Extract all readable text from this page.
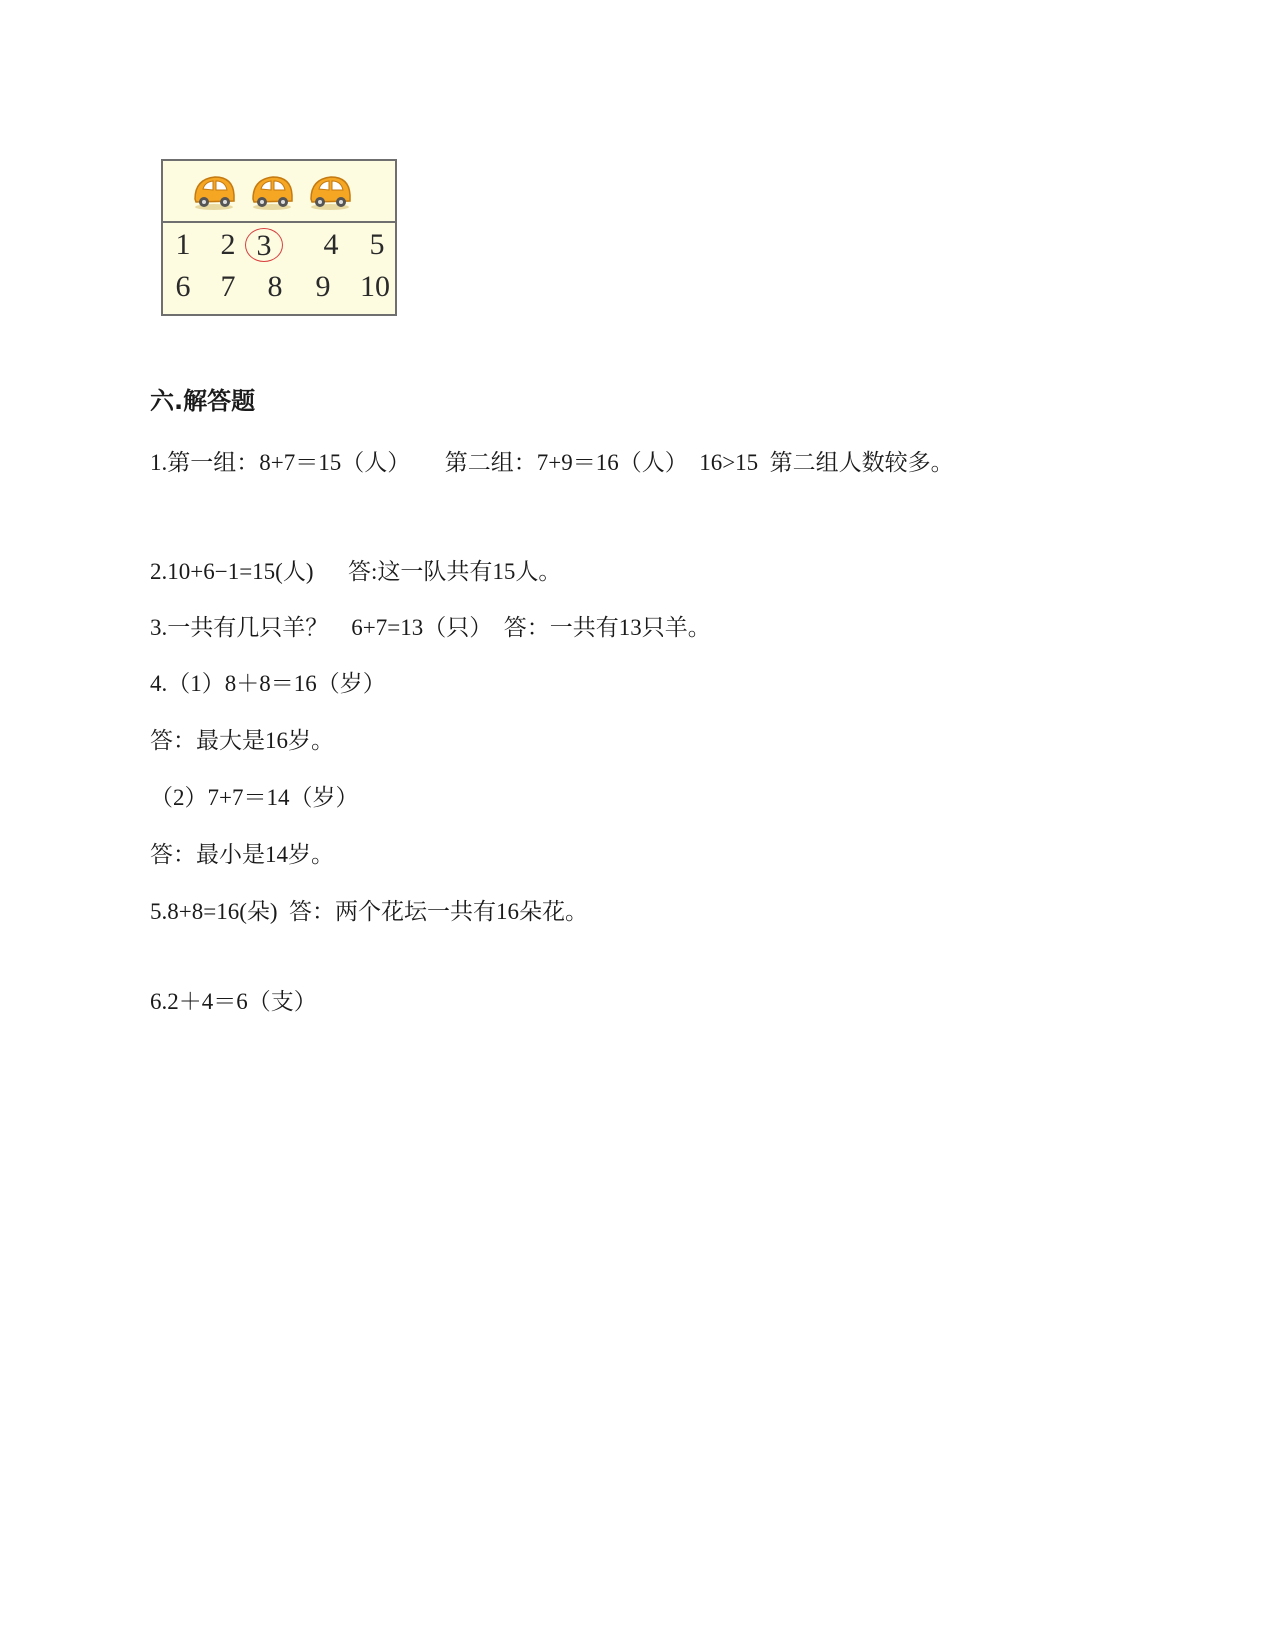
1	2 3	4	5
6	7	8	9 10
六.解答题
1.第一组：8+7＝15（人）　　第二组：7+9＝16（人）　16>15  第二组人数较多。
2.10+6−1=15(人)　  答:这一队共有15人。
3.一共有几只羊？　6+7=13（只）　答：一共有13只羊。
4.（1）8＋8＝16（岁）
答：最大是16岁。
（2）7+7＝14（岁）
答：最小是14岁。
5.8+8=16(朵)  答：两个花坛一共有16朵花。
6.2＋4＝6（支）
